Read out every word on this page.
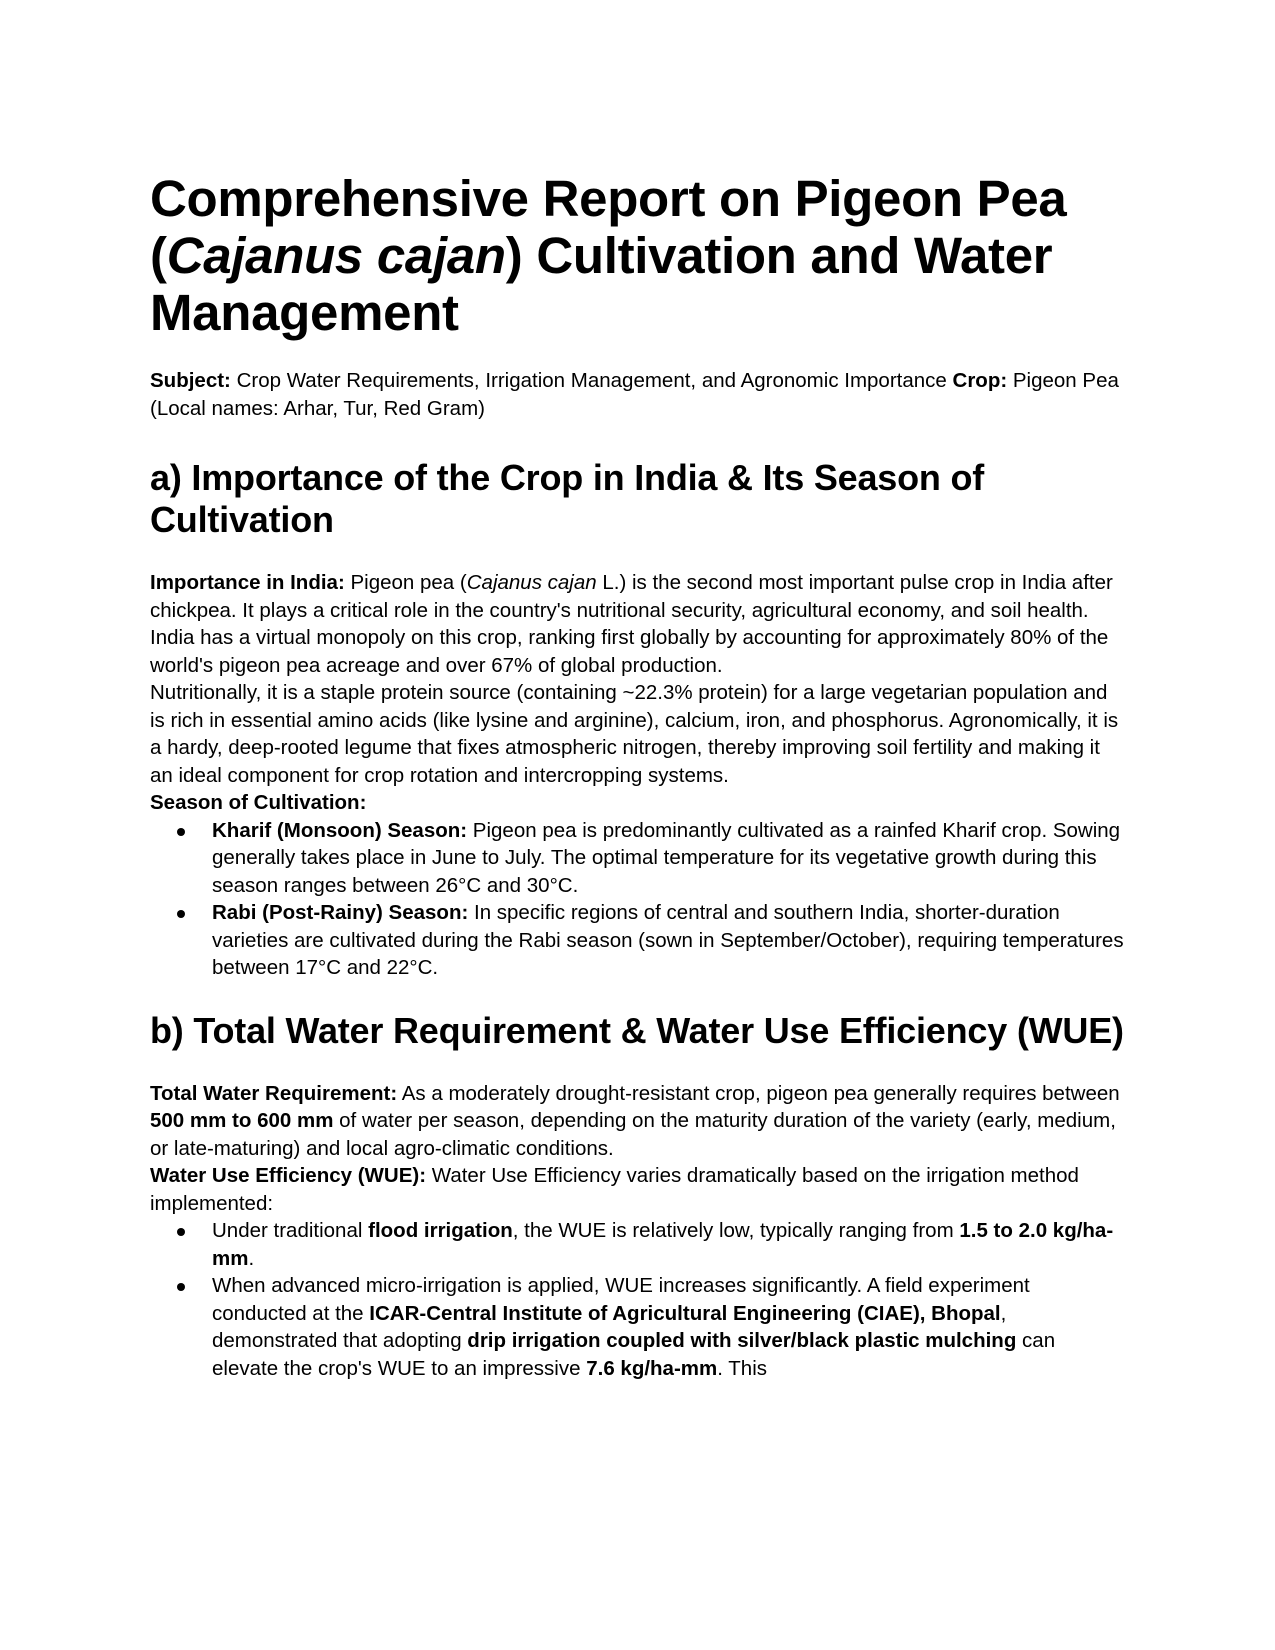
Comprehensive Report on Pigeon Pea
(Cajanus cajan) Cultivation and Water
Management

Subject: Crop Water Requirements, Irrigation Management, and Agronomic Importance Crop: Pigeon Pea (Local names: Arhar, Tur, Red Gram)

a) Importance of the Crop in India & Its Season of Cultivation

Importance in India: Pigeon pea (Cajanus cajan L.) is the second most important pulse crop in India after chickpea. It plays a critical role in the country's nutritional security, agricultural economy, and soil health. India has a virtual monopoly on this crop, ranking first globally by accounting for approximately 80% of the world's pigeon pea acreage and over 67% of global production.

Nutritionally, it is a staple protein source (containing ~22.3% protein) for a large vegetarian population and is rich in essential amino acids (like lysine and arginine), calcium, iron, and phosphorus. Agronomically, it is a hardy, deep-rooted legume that fixes atmospheric nitrogen, thereby improving soil fertility and making it an ideal component for crop rotation and intercropping systems.

Season of Cultivation:

Kharif (Monsoon) Season: Pigeon pea is predominantly cultivated as a rainfed Kharif crop. Sowing generally takes place in June to July. The optimal temperature for its vegetative growth during this season ranges between 26°C and 30°C.
Rabi (Post-Rainy) Season: In specific regions of central and southern India, shorter-duration varieties are cultivated during the Rabi season (sown in September/October), requiring temperatures between 17°C and 22°C.
b) Total Water Requirement & Water Use Efficiency (WUE)

Total Water Requirement: As a moderately drought-resistant crop, pigeon pea generally requires between 500 mm to 600 mm of water per season, depending on the maturity duration of the variety (early, medium, or late-maturing) and local agro-climatic conditions.

Water Use Efficiency (WUE): Water Use Efficiency varies dramatically based on the irrigation method implemented:

Under traditional flood irrigation, the WUE is relatively low, typically ranging from 1.5 to 2.0 kg/ha-mm.
When advanced micro-irrigation is applied, WUE increases significantly. A field experiment conducted at the ICAR-Central Institute of Agricultural Engineering (CIAE), Bhopal, demonstrated that adopting drip irrigation coupled with silver/black plastic mulching can elevate the crop's WUE to an impressive 7.6 kg/ha-mm. This
